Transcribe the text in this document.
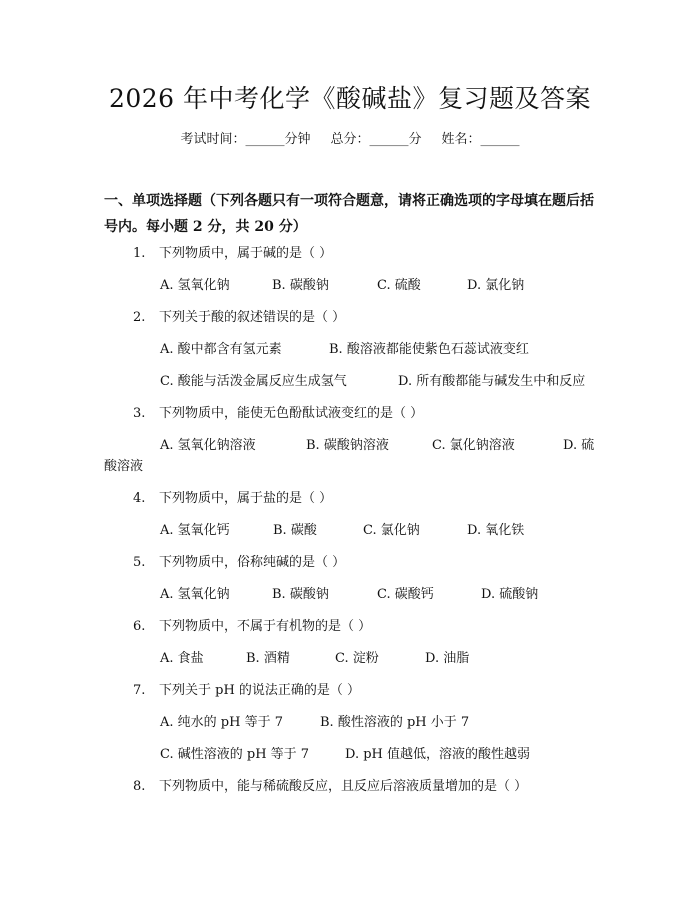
2026 年中考化学《酸碱盐》复习题及答案
考试时间：______分钟 总分：______分 姓名：______
一、单项选择题（下列各题只有一项符合题意，请将正确选项的字母填在题后括
号内。每小题 2 分，共 20 分）
1. 下列物质中，属于碱的是（ ）
A. 氢氧化钠	B. 碳酸钠	C. 硫酸	D. 氯化钠
2. 下列关于酸的叙述错误的是（ ）
A. 酸中都含有氢元素	B. 酸溶液都能使紫色石蕊试液变红
C. 酸能与活泼金属反应生成氢气	D. 所有酸都能与碱发生中和反应
3. 下列物质中，能使无色酚酞试液变红的是（ ）
A. 氢氧化钠溶液	B. 碳酸钠溶液	C. 氯化钠溶液	D. 硫
酸溶液
4. 下列物质中，属于盐的是（ ）
A. 氢氧化钙	B. 碳酸	C. 氯化钠	D. 氧化铁
5. 下列物质中，俗称纯碱的是（ ）
A. 氢氧化钠	B. 碳酸钠	C. 碳酸钙	D. 硫酸钠
6. 下列物质中，不属于有机物的是（ ）
A. 食盐	B. 酒精	C. 淀粉	D. 油脂
7. 下列关于 pH 的说法正确的是（ ）
A. 纯水的 pH 等于 7	B. 酸性溶液的 pH 小于 7
C. 碱性溶液的 pH 等于 7	D. pH 值越低，溶液的酸性越弱
8. 下列物质中，能与稀硫酸反应，且反应后溶液质量增加的是（ ）
